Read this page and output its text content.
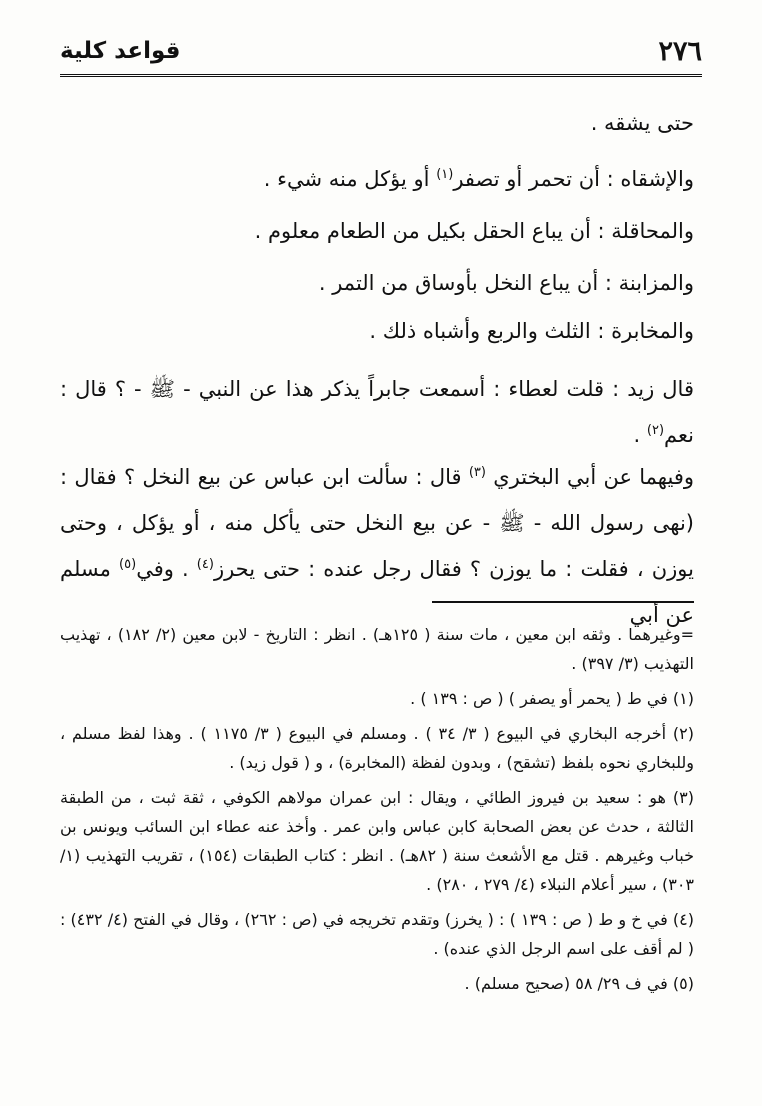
٢٧٦
قواعد كلية
حتى يشقه .
والإشقاه : أن تحمر أو تصفر$^{(١)}$ أو يؤكل منه شيء .
والمحاقلة : أن يباع الحقل بكيل من الطعام معلوم .
والمزابنة : أن يباع النخل بأوساق من التمر .
والمخابرة : الثلث والربع وأشباه ذلك .
قال زيد : قلت لعطاء : أسمعت جابراً يذكر هذا عن النبي - ﷺ - ؟ قال : نعم$^{(٢)}$ .
وفيهما عن أبي البختري $^{(٣)}$ قال : سألت ابن عباس عن بيع النخل ؟ فقال : (نهى رسول الله - ﷺ - عن بيع النخل حتى يأكل منه ، أو يؤكل ، وحتى يوزن ، فقلت : ما يوزن ؟ فقال رجل عنده : حتى يحرز$^{(٤)}$ . وفي$^{(٥)}$ مسلم عن أبي

=وغيرهما . وثقه ابن معين ، مات سنة ( ١٢٥هـ) . انظر : التاريخ - لابن معين (٢/ ١٨٢) ، تهذيب التهذيب (٣/ ٣٩٧) .

(١) في ط ( يحمر أو يصفر ) ( ص : ١٣٩ ) .

(٢) أخرجه البخاري في البيوع ( ٣/ ٣٤ ) . ومسلم في البيوع ( ٣/ ١١٧٥ ) . وهذا لفظ مسلم ، وللبخاري نحوه بلفظ (تشقح) ، وبدون لفظة (المخابرة) ، و ( قول زيد) .

(٣) هو : سعيد بن فيروز الطائي ، ويقال : ابن عمران مولاهم الكوفي ، ثقة ثبت ، من الطبقة الثالثة ، حدث عن بعض الصحابة كابن عباس وابن عمر . وأخذ عنه عطاء ابن السائب ويونس بن خباب وغيرهم . قتل مع الأشعث سنة ( ٨٢هـ) . انظر : كتاب الطبقات (١٥٤) ، تقريب التهذيب (١/ ٣٠٣) ، سير أعلام النبلاء (٤/ ٢٧٩ ، ٢٨٠) .

(٤) في خ و ط ( ص : ١٣٩ ) : ( يخرز) وتقدم تخريجه في (ص : ٢٦٢) ، وقال في الفتح (٤/ ٤٣٢) : ( لم أقف على اسم الرجل الذي عنده) .

(٥) في ف ٢٩/ ٥٨ (صحيح مسلم) .
